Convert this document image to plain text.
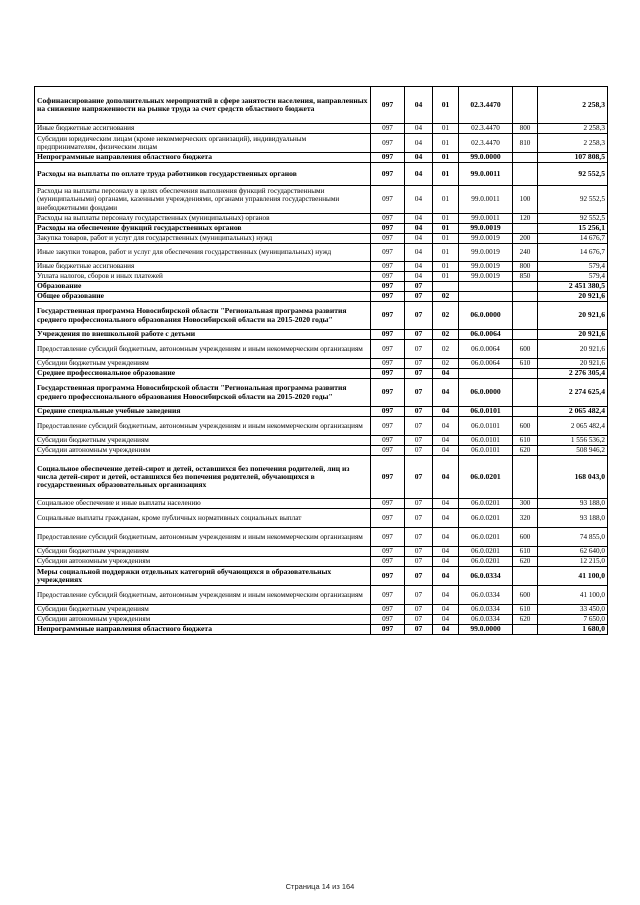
Софинансирование дополнительных мероприятий в сфере занятости населения, направленных на снижение напряженности на рынке труда за счет средств областного бюджета	097	04	01	02.3.4470		2 258,3
Иные бюджетные ассигнования	097	04	01	02.3.4470	800	2 258,3
Субсидии юридическим лицам (кроме некоммерческих организаций), индивидуальным предпринимателям, физическим лицам	097	04	01	02.3.4470	810	2 258,3
Непрограммные направления областного бюджета	097	04	01	99.0.0000		107 808,5
Расходы на выплаты по оплате труда работников государственных органов	097	04	01	99.0.0011		92 552,5
Расходы на выплаты персоналу в целях обеспечения выполнения функций государственными (муниципальными) органами, казенными учреждениями, органами управления государственными внебюджетными фондами	097	04	01	99.0.0011	100	92 552,5
Расходы на выплаты персоналу государственных (муниципальных) органов	097	04	01	99.0.0011	120	92 552,5
Расходы на обеспечение функций государственных органов	097	04	01	99.0.0019		15 256,1
Закупка товаров, работ и услуг для государственных (муниципальных) нужд	097	04	01	99.0.0019	200	14 676,7
Иные закупки товаров, работ и услуг для обеспечения государственных (муниципальных) нужд	097	04	01	99.0.0019	240	14 676,7
Иные бюджетные ассигнования	097	04	01	99.0.0019	800	579,4
Уплата налогов, сборов и иных платежей	097	04	01	99.0.0019	850	579,4
Образование	097	07				2 451 380,5
Общее образование	097	07	02			20 921,6
Государственная программа Новосибирской области "Региональная программа развития среднего профессионального образования Новосибирской области на 2015-2020 годы"	097	07	02	06.0.0000		20 921,6
Учреждения по внешкольной работе с детьми	097	07	02	06.0.0064		20 921,6
Предоставление субсидий бюджетным, автономным учреждениям и иным некоммерческим организациям	097	07	02	06.0.0064	600	20 921,6
Субсидии бюджетным учреждениям	097	07	02	06.0.0064	610	20 921,6
Среднее профессиональное образование	097	07	04			2 276 305,4
Государственная программа Новосибирской области "Региональная программа развития среднего профессионального образования Новосибирской области на 2015-2020 годы"	097	07	04	06.0.0000		2 274 625,4
Средние специальные учебные заведения	097	07	04	06.0.0101		2 065 482,4
Предоставление субсидий бюджетным, автономным учреждениям и иным некоммерческим организациям	097	07	04	06.0.0101	600	2 065 482,4
Субсидии бюджетным учреждениям	097	07	04	06.0.0101	610	1 556 536,2
Субсидии автономным учреждениям	097	07	04	06.0.0101	620	508 946,2
Социальное обеспечение детей-сирот и детей, оставшихся без попечения родителей, лиц из числа детей-сирот и детей, оставшихся без попечения родителей, обучающихся в государственных образовательных организациях	097	07	04	06.0.0201		168 043,0
Социальное обеспечение и иные выплаты населению	097	07	04	06.0.0201	300	93 188,0
Социальные выплаты гражданам, кроме публичных нормативных социальных выплат	097	07	04	06.0.0201	320	93 188,0
Предоставление субсидий бюджетным, автономным учреждениям и иным некоммерческим организациям	097	07	04	06.0.0201	600	74 855,0
Субсидии бюджетным учреждениям	097	07	04	06.0.0201	610	62 640,0
Субсидии автономным учреждениям	097	07	04	06.0.0201	620	12 215,0
Меры социальной поддержки отдельных категорий обучающихся в образовательных учреждениях	097	07	04	06.0.0334		41 100,0
Предоставление субсидий бюджетным, автономным учреждениям и иным некоммерческим организациям	097	07	04	06.0.0334	600	41 100,0
Субсидии бюджетным учреждениям	097	07	04	06.0.0334	610	33 450,0
Субсидии автономным учреждениям	097	07	04	06.0.0334	620	7 650,0
Непрограммные направления областного бюджета	097	07	04	99.0.0000		1 680,0
Страница 14 из 164
